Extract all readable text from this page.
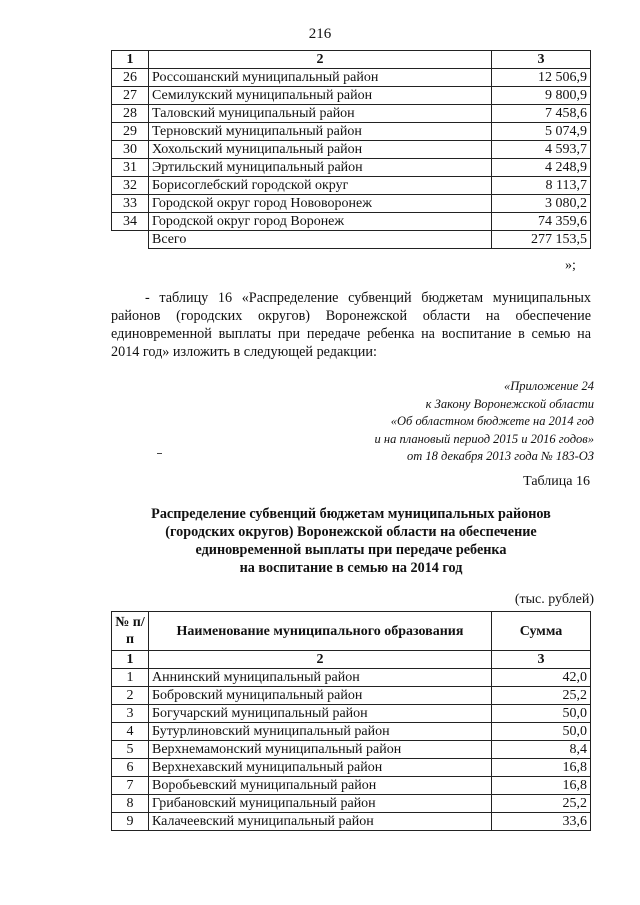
216
1	2	3
26	Россошанский муниципальный район	12 506,9
27	Семилукский муниципальный район	9 800,9
28	Таловский муниципальный район	7 458,6
29	Терновский муниципальный район	5 074,9
30	Хохольский муниципальный район	4 593,7
31	Эртильский муниципальный район	4 248,9
32	Борисоглебский городской округ	8 113,7
33	Городской округ город Нововоронеж	3 080,2
34	Городской округ город Воронеж	74 359,6
	Всего	277 153,5
»;
- таблицу 16 «Распределение субвенций бюджетам муниципальных районов (городских округов) Воронежской области на обеспечение единовременной выплаты при передаче ребенка на воспитание в семью на 2014 год» изложить в следующей редакции:
«Приложение 24
к Закону Воронежской области
«Об областном бюджете на 2014 год
и на плановый период 2015 и 2016 годов»
от 18 декабря 2013 года № 183-ОЗ
Таблица 16
Распределение субвенций бюджетам муниципальных районов
(городских округов) Воронежской области на обеспечение
единовременной выплаты при передаче ребенка
на воспитание в семью на 2014 год
(тыс. рублей)
№ п/п	Наименование муниципального образования	Сумма
1	2	3
1	Аннинский муниципальный район	42,0
2	Бобровский муниципальный район	25,2
3	Богучарский муниципальный район	50,0
4	Бутурлиновский муниципальный район	50,0
5	Верхнемамонский муниципальный район	8,4
6	Верхнехавский муниципальный район	16,8
7	Воробьевский муниципальный район	16,8
8	Грибановский муниципальный район	25,2
9	Калачеевский муниципальный район	33,6
